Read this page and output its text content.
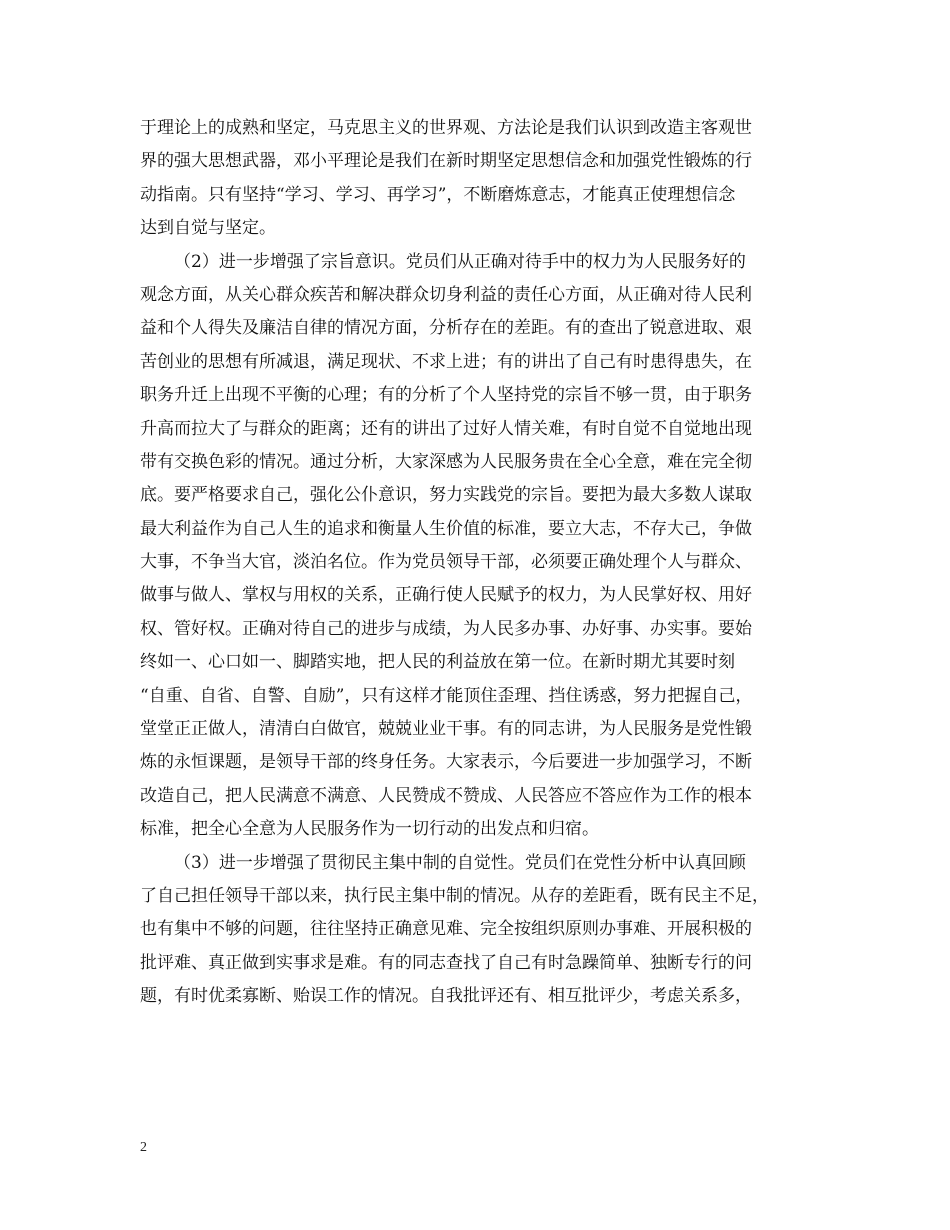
于理论上的成熟和坚定，马克思主义的世界观、方法论是我们认识到改造主客观世
界的强大思想武器，邓小平理论是我们在新时期坚定思想信念和加强党性锻炼的行
动指南。只有坚持“学习、学习、再学习”，不断磨炼意志，才能真正使理想信念
达到自觉与坚定。
（2）进一步增强了宗旨意识。党员们从正确对待手中的权力为人民服务好的
观念方面，从关心群众疾苦和解决群众切身利益的责任心方面，从正确对待人民利
益和个人得失及廉洁自律的情况方面，分析存在的差距。有的查出了锐意进取、艰
苦创业的思想有所减退，满足现状、不求上进；有的讲出了自己有时患得患失，在
职务升迁上出现不平衡的心理；有的分析了个人坚持党的宗旨不够一贯，由于职务
升高而拉大了与群众的距离；还有的讲出了过好人情关难，有时自觉不自觉地出现
带有交换色彩的情况。通过分析，大家深感为人民服务贵在全心全意，难在完全彻
底。要严格要求自己，强化公仆意识，努力实践党的宗旨。要把为最大多数人谋取
最大利益作为自己人生的追求和衡量人生价值的标准，要立大志，不存大己，争做
大事，不争当大官，淡泊名位。作为党员领导干部，必须要正确处理个人与群众、
做事与做人、掌权与用权的关系，正确行使人民赋予的权力，为人民掌好权、用好
权、管好权。正确对待自己的进步与成绩，为人民多办事、办好事、办实事。要始
终如一、心口如一、脚踏实地，把人民的利益放在第一位。在新时期尤其要时刻
“自重、自省、自警、自励”，只有这样才能顶住歪理、挡住诱惑，努力把握自己，
堂堂正正做人，清清白白做官，兢兢业业干事。有的同志讲，为人民服务是党性锻
炼的永恒课题，是领导干部的终身任务。大家表示，今后要进一步加强学习，不断
改造自己，把人民满意不满意、人民赞成不赞成、人民答应不答应作为工作的根本
标准，把全心全意为人民服务作为一切行动的出发点和归宿。
（3）进一步增强了贯彻民主集中制的自觉性。党员们在党性分析中认真回顾
了自己担任领导干部以来，执行民主集中制的情况。从存的差距看，既有民主不足，
也有集中不够的问题，往往坚持正确意见难、完全按组织原则办事难、开展积极的
批评难、真正做到实事求是难。有的同志查找了自己有时急躁简单、独断专行的问
题，有时优柔寡断、贻误工作的情况。自我批评还有、相互批评少，考虑关系多，
2
